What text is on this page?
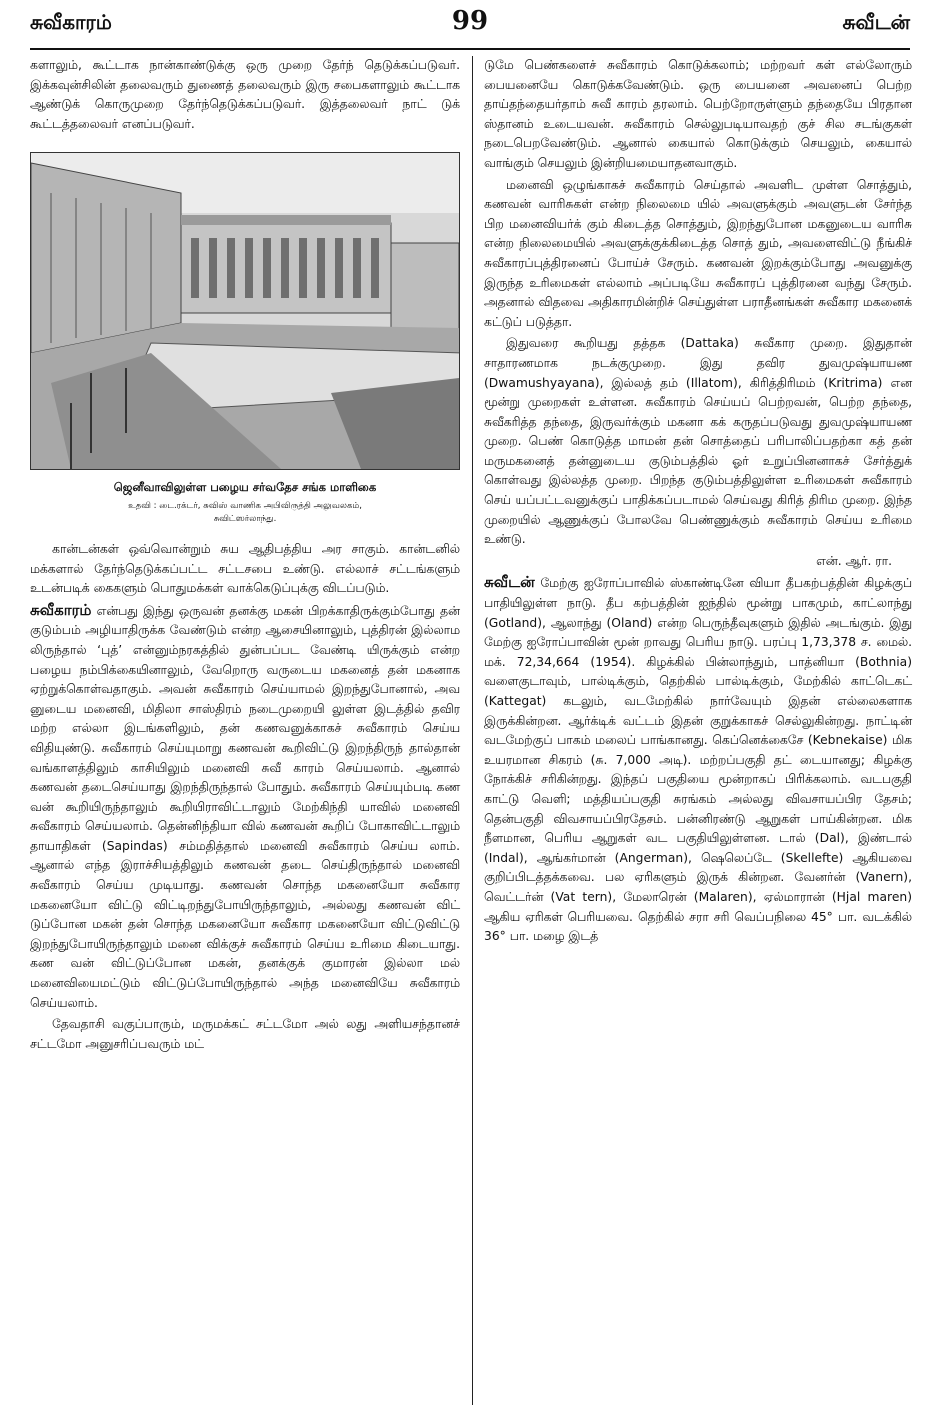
சுவீகாரம்	99	சுவீடன்

களாலும், கூட்டாக நான்காண்டுக்கு ஒரு முறை தேர்ந் தெடுக்கப்படுவர். இக்கவுன்சிலின் தலைவரும் துணைத் தலைவரும் இரு சபைகளாலும் கூட்டாக ஆண்டுக் கொருமுறை தேர்ந்தெடுக்கப்படுவர். இத்தலைவர் நாட் டுக் கூட்டத்தலைவர் எனப்படுவர்.

ஜெனீவாவிலுள்ள பழைய சர்வதேச சங்க மாளிகை

உதவி : டை.ரக்டர், சுவிஸ் வாணிக அபிவிருத்தி அலுவலகம்,

சுவிட்ஸர்லாந்து.

கான்டன்கள் ஒவ்வொன்றும் சுய ஆதிபத்திய அர சாகும். கான்டனில் மக்களால் தேர்ந்தெடுக்கப்பட்ட சட்டசபை உண்டு. எல்லாச் சட்டங்களும் உடன்படிக் கைகளும் பொதுமக்கள் வாக்கெடுப்புக்கு விடப்படும்.

சுவீகாரம் என்பது இந்து ஒருவன் தனக்கு மகன் பிறக்காதிருக்கும்போது தன் குடும்பம் அழியாதிருக்க வேண்டும் என்ற ஆசையினாலும், புத்திரன் இல்லாம லிருந்தால் ‘புத்’ என்னும்நரகத்தில் துன்பப்பட வேண்டி யிருக்கும் என்ற பழைய நம்பிக்கையினாலும், வேறொரு வருடைய மகனைத் தன் மகனாக ஏற்றுக்கொள்வதாகும். அவன் சுவீகாரம் செய்யாமல் இறந்துபோனால், அவ னுடைய மனைவி, மிதிலா சாஸ்திரம் நடைமுறையி லுள்ள இடத்தில் தவிர மற்ற எல்லா இடங்களிலும், தன் கணவனுக்காகச் சுவீகாரம் செய்ய விதியுண்டு. சுவீகாரம் செய்யுமாறு கணவன் கூறிவிட்டு இறந்திருந் தால்தான் வங்காளத்திலும் காசியிலும் மனைவி சுவீ காரம் செய்யலாம். ஆனால் கணவன் தடைசெய்யாது இறந்திருந்தால் போதும். சுவீகாரம் செய்யும்படி கண வன் கூறியிருந்தாலும் கூறியிராவிட்டாலும் மேற்கிந்தி யாவில் மனைவி சுவீகாரம் செய்யலாம். தென்னிந்தியா வில் கணவன் கூறிப் போகாவிட்டாலும் தாயாதிகள் (Sapindas) சம்மதித்தால் மனைவி சுவீகாரம் செய்ய லாம். ஆனால் எந்த இராச்சியத்திலும் கணவன் தடை செய்திருந்தால் மனைவி சுவீகாரம் செய்ய முடியாது. கணவன் சொந்த மகனையோ சுவீகார மகனையோ விட்டு விட்டிறந்துபோயிருந்தாலும், அல்லது கணவன் விட் டுப்போன மகன் தன் சொந்த மகனையோ சுவீகார மகனையோ விட்டுவிட்டு இறந்துபோயிருந்தாலும் மனை விக்குச் சுவீகாரம் செய்ய உரிமை கிடையாது. கண வன் விட்டுப்போன மகன், தனக்குக் குமாரன் இல்லா மல் மனைவியைமட்டும் விட்டுப்போயிருந்தால் அந்த மனைவியே சுவீகாரம் செய்யலாம்.

தேவதாசி வகுப்பாரும், மருமக்கட் சட்டமோ அல் லது அளியசந்தானச் சட்டமோ அனுசரிப்பவரும் மட்

டுமே பெண்களைச் சுவீகாரம் கொடுக்கலாம்; மற்றவர் கள் எல்லோரும் பையனையே கொடுக்கவேண்டும். ஒரு பையனை அவனைப் பெற்ற தாய்தந்தையர்தாம் சுவீ காரம் தரலாம். பெற்றோருள்ளும் தந்தையே பிரதான ஸ்தானம் உடையவன். சுவீகாரம் செல்லுபடியாவதற் குச் சில சடங்குகள் நடைபெறவேண்டும். ஆனால் கையால் கொடுக்கும் செயலும், கையால் வாங்கும் செயலும் இன்றியமையாதனவாகும்.

மனைவி ஒழுங்காகச் சுவீகாரம் செய்தால் அவளிட முள்ள சொத்தும், கணவன் வாரிசுகள் என்ற நிலைமை யில் அவளுக்கும் அவளுடன் சேர்ந்த பிற மனைவியர்க் கும் கிடைத்த சொத்தும், இறந்துபோன மகனுடைய வாரிசு என்ற நிலைமையில் அவளுக்குக்கிடைத்த சொத் தும், அவளைவிட்டு நீங்கிச் சுவீகாரப்புத்திரனைப் போய்ச் சேரும். கணவன் இறக்கும்போது அவனுக்கு இருந்த உரிமைகள் எல்லாம் அப்படியே சுவீகாரப் புத்திரனை வந்து சேரும். அதனால் விதவை அதிகாரமின்றிச் செய்துள்ள பராதீனங்கள் சுவீகார மகனைக் கட்டுப் படுத்தா.

இதுவரை கூறியது தத்தக (Dattaka) சுவீகார முறை. இதுதான் சாதாரணமாக நடக்குமுறை. இது தவிர துவமுஷ்யாயண (Dwamushyayana), இல்லத் தம் (Illatom), கிரித்திரிமம் (Kritrima) என மூன்று முறைகள் உள்ளன. சுவீகாரம் செய்யப் பெற்றவன், பெற்ற தந்தை, சுவீகரித்த தந்தை, இருவர்க்கும் மகனா கக் கருதப்படுவது துவமுஷ்யாயண முறை. பெண் கொடுத்த மாமன் தன் சொத்தைப் பரிபாலிப்பதற்கா கத் தன் மருமகனைத் தன்னுடைய குடும்பத்தில் ஓர் உறுப்பினனாகச் சேர்த்துக் கொள்வது இல்லத்த முறை. பிறந்த குடும்பத்திலுள்ள உரிமைகள் சுவீகாரம் செய் யப்பட்டவனுக்குப் பாதிக்கப்படாமல் செய்வது கிரித் திரிம முறை. இந்த முறையில் ஆணுக்குப் போலவே பெண்ணுக்கும் சுவீகாரம் செய்ய உரிமை உண்டு.

என். ஆர். ரா.

சுவீடன் மேற்கு ஐரோப்பாவில் ஸ்காண்டினே வியா தீபகற்பத்தின் கிழக்குப் பாதியிலுள்ள நாடு. தீப கற்பத்தின் ஐந்தில் மூன்று பாகமும், காட்லாந்து (Gotland), ஆலாந்து (Oland) என்ற பெருந்தீவுகளும் இதில் அடங்கும். இது மேற்கு ஐரோப்பாவின் மூன் றாவது பெரிய நாடு. பரப்பு 1,73,378 ச. மைல். மக். 72,34,664 (1954). கிழக்கில் பின்லாந்தும், பாத்னியா (Bothnia) வளைகுடாவும், பால்டிக்கும், தெற்கில் பால்டிக்கும், மேற்கில் காட்டெகட் (Kattegat) கடலும், வடமேற்கில் நார்வேயும் இதன் எல்லைகளாக இருக்கின்றன. ஆர்க்டிக் வட்டம் இதன் குறுக்காகச் செல்லுகின்றது. நாட்டின் வடமேற்குப் பாகம் மலைப் பாங்கானது. கெப்னெக்கைசே (Kebnekaise) மிக உயரமான சிகரம் (சு. 7,000 அடி). மற்றப்பகுதி தட் டையானது; கிழக்கு நோக்கிச் சரிகின்றது. இந்தப் பகுதியை மூன்றாகப் பிரிக்கலாம். வடபகுதி காட்டு வெளி; மத்தியப்பகுதி சுரங்கம் அல்லது விவசாயப்பிர தேசம்; தென்பகுதி விவசாயப்பிரதேசம். பன்னிரண்டு ஆறுகள் பாய்கின்றன. மிக நீளமான, பெரிய ஆறுகள் வட பகுதியிலுள்ளன. டால் (Dal), இண்டால் (Indal), ஆங்கர்மான் (Angerman), ஷெலெப்டே (Skellefte) ஆகியவை குறிப்பிடத்தக்கவை. பல ஏரிகளும் இருக் கின்றன. வேனர்ன் (Vanern), வெட்டர்ன் (Vat tern), மேலாரென் (Malaren), ஏல்மாரான் (Hjal maren) ஆகிய ஏரிகள் பெரியவை. தெற்கில் சரா சரி வெப்பநிலை 45° பா. வடக்கில் 36° பா. மழை இடத்
